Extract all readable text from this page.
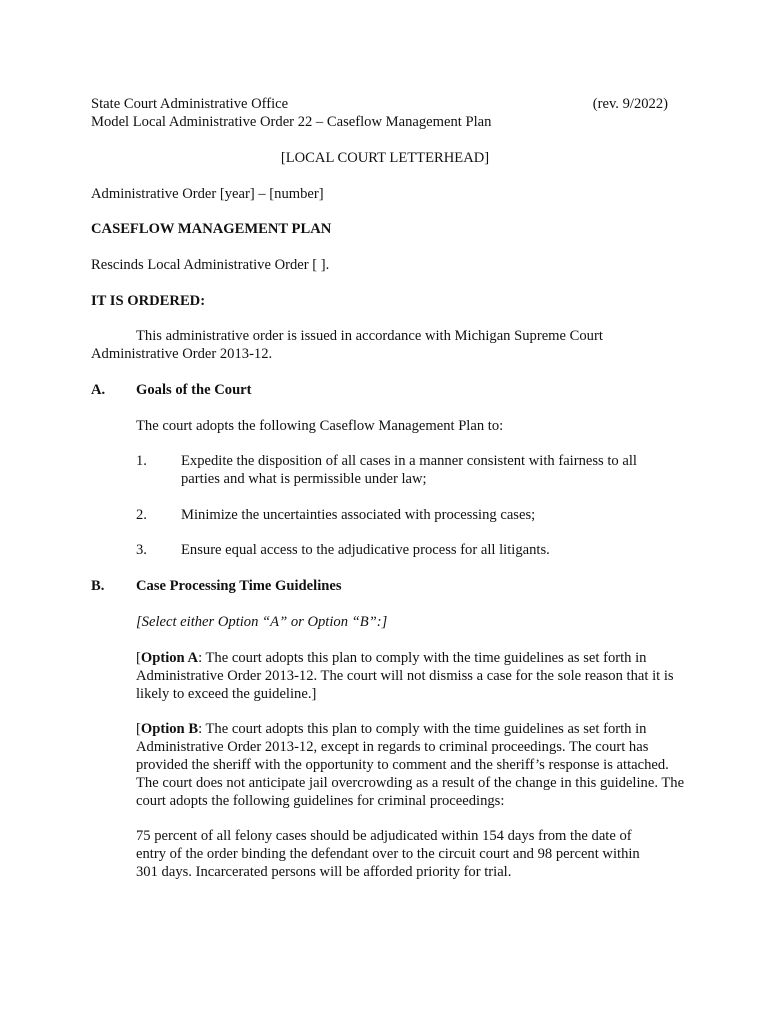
State Court Administrative Office	(rev. 9/2022)
Model Local Administrative Order 22 – Caseflow Management Plan
[LOCAL COURT LETTERHEAD]
Administrative Order [year] – [number]
CASEFLOW MANAGEMENT PLAN
Rescinds Local Administrative Order [ ].
IT IS ORDERED:
This administrative order is issued in accordance with Michigan Supreme Court Administrative Order 2013-12.
A. Goals of the Court
The court adopts the following Caseflow Management Plan to:
1. Expedite the disposition of all cases in a manner consistent with fairness to all parties and what is permissible under law;
2. Minimize the uncertainties associated with processing cases;
3. Ensure equal access to the adjudicative process for all litigants.
B. Case Processing Time Guidelines
[Select either Option “A” or Option “B”:]
[Option A: The court adopts this plan to comply with the time guidelines as set forth in Administrative Order 2013-12. The court will not dismiss a case for the sole reason that it is likely to exceed the guideline.]
[Option B: The court adopts this plan to comply with the time guidelines as set forth in Administrative Order 2013-12, except in regards to criminal proceedings. The court has provided the sheriff with the opportunity to comment and the sheriff’s response is attached. The court does not anticipate jail overcrowding as a result of the change in this guideline. The court adopts the following guidelines for criminal proceedings:
75 percent of all felony cases should be adjudicated within 154 days from the date of entry of the order binding the defendant over to the circuit court and 98 percent within 301 days. Incarcerated persons will be afforded priority for trial.
